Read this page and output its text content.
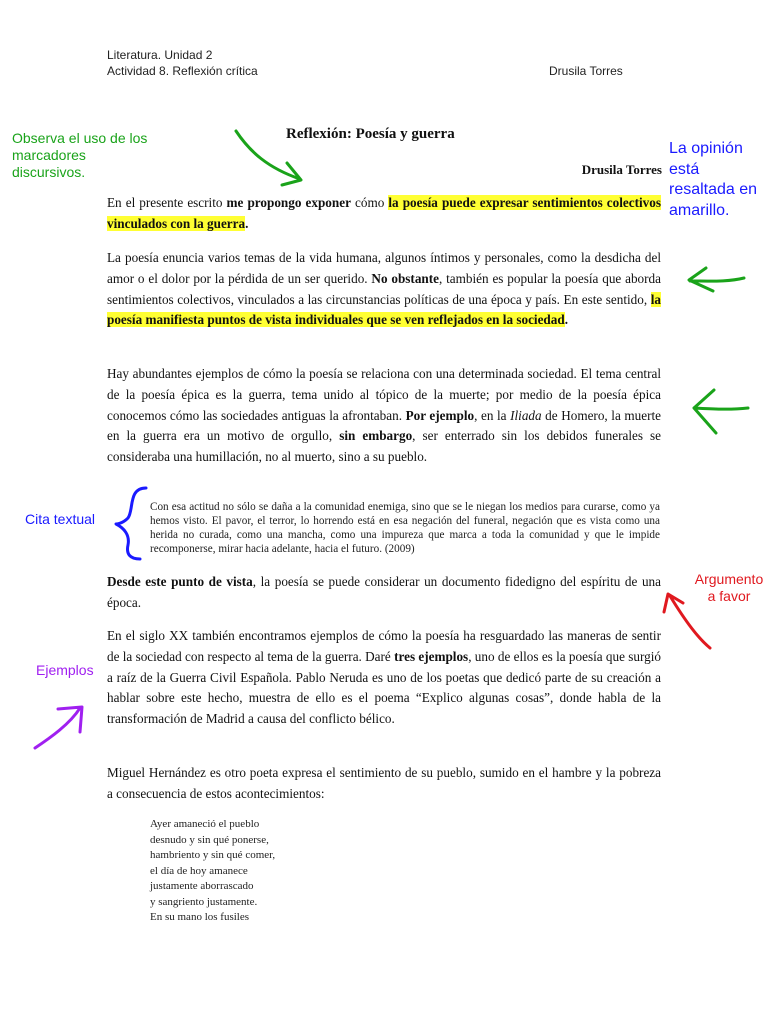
Literatura. Unidad 2
Actividad 8. Reflexión crítica	Drusila Torres
Reflexión: Poesía y guerra
Drusila Torres
En el presente escrito me propongo exponer cómo la poesía puede expresar sentimientos colectivos vinculados con la guerra.
La poesía enuncia varios temas de la vida humana, algunos íntimos y personales, como la desdicha del amor o el dolor por la pérdida de un ser querido. No obstante, también es popular la poesía que aborda sentimientos colectivos, vinculados a las circunstancias políticas de una época y país. En este sentido, la poesía manifiesta puntos de vista individuales que se ven reflejados en la sociedad.
Hay abundantes ejemplos de cómo la poesía se relaciona con una determinada sociedad. El tema central de la poesía épica es la guerra, tema unido al tópico de la muerte; por medio de la poesía épica conocemos cómo las sociedades antiguas la afrontaban. Por ejemplo, en la Iliada de Homero, la muerte en la guerra era un motivo de orgullo, sin embargo, ser enterrado sin los debidos funerales se consideraba una humillación, no al muerto, sino a su pueblo.
Con esa actitud no sólo se daña a la comunidad enemiga, sino que se le niegan los medios para curarse, como ya hemos visto. El pavor, el terror, lo horrendo está en esa negación del funeral, negación que es vista como una herida no curada, como una mancha, como una impureza que marca a toda la comunidad y que le impide recomponerse, mirar hacia adelante, hacia el futuro. (2009)
Desde este punto de vista, la poesía se puede considerar un documento fidedigno del espíritu de una época.
En el siglo XX también encontramos ejemplos de cómo la poesía ha resguardado las maneras de sentir de la sociedad con respecto al tema de la guerra. Daré tres ejemplos, uno de ellos es la poesía que surgió a raíz de la Guerra Civil Española. Pablo Neruda es uno de los poetas que dedicó parte de su creación a hablar sobre este hecho, muestra de ello es el poema “Explico algunas cosas”, donde habla de la transformación de Madrid a causa del conflicto bélico.
Miguel Hernández es otro poeta expresa el sentimiento de su pueblo, sumido en el hambre y la pobreza a consecuencia de estos acontecimientos:
Ayer amaneció el pueblo
desnudo y sin qué ponerse,
hambriento y sin qué comer,
el día de hoy amanece
justamente aborrascado
y sangriento justamente.
En su mano los fusiles
Observa el uso de los marcadores discursivos.
La opinión está resaltada en amarillo.
Cita textual
Argumento a favor
Ejemplos
